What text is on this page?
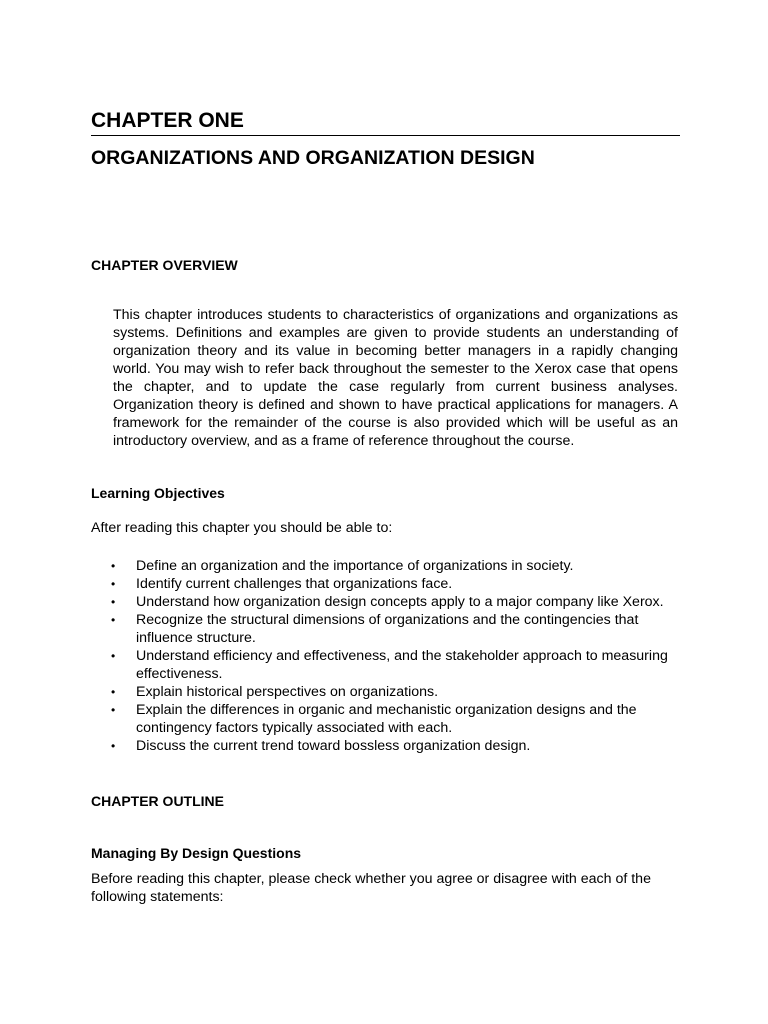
CHAPTER ONE
ORGANIZATIONS AND ORGANIZATION DESIGN
CHAPTER OVERVIEW

This chapter introduces students to characteristics of organizations and organizations as systems. Definitions and examples are given to provide students an understanding of organization theory and its value in becoming better managers in a rapidly changing world. You may wish to refer back throughout the semester to the Xerox case that opens the chapter, and to update the case regularly from current business analyses. Organization theory is defined and shown to have practical applications for managers. A framework for the remainder of the course is also provided which will be useful as an introductory overview, and as a frame of reference throughout the course.

Learning Objectives

After reading this chapter you should be able to:

• Define an organization and the importance of organizations in society.
• Identify current challenges that organizations face.
• Understand how organization design concepts apply to a major company like Xerox.
• Recognize the structural dimensions of organizations and the contingencies that influence structure.
• Understand efficiency and effectiveness, and the stakeholder approach to measuring effectiveness.
• Explain historical perspectives on organizations.
• Explain the differences in organic and mechanistic organization designs and the contingency factors typically associated with each.
• Discuss the current trend toward bossless organization design.
CHAPTER OUTLINE
Managing By Design Questions

Before reading this chapter, please check whether you agree or disagree with each of the following statements:
